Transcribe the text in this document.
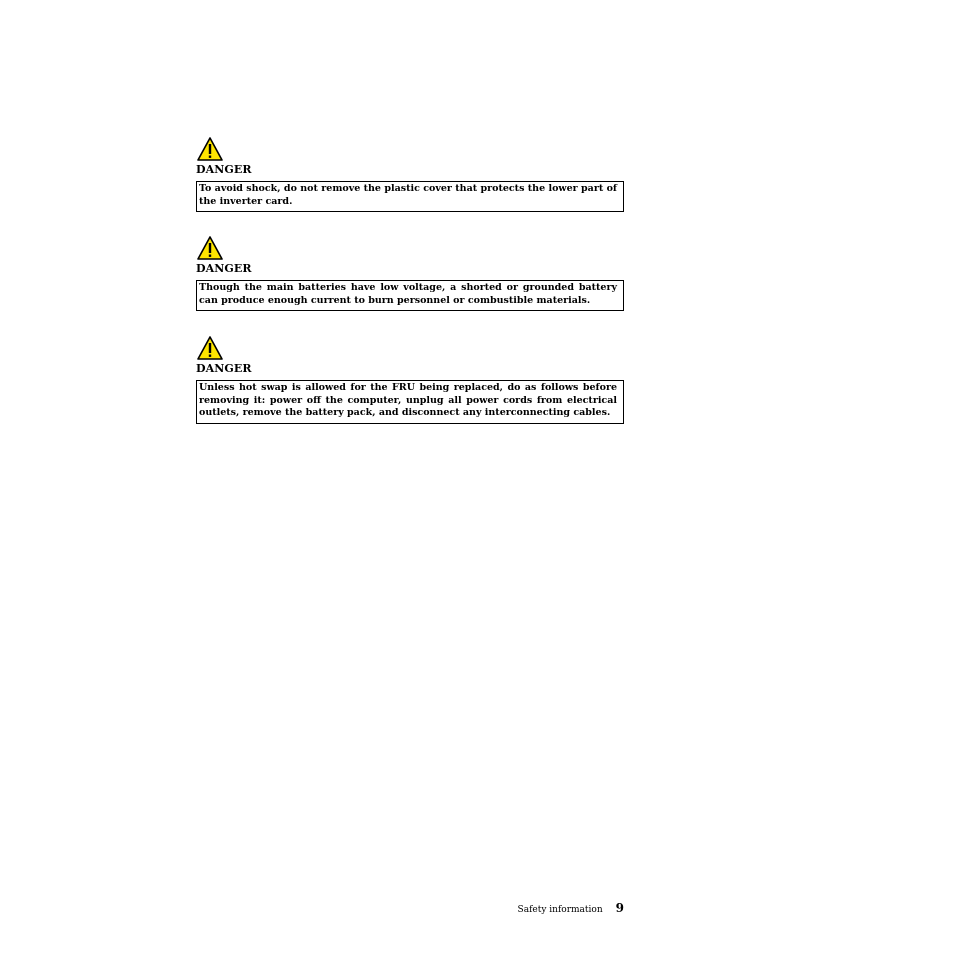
DANGER
To avoid shock, do not remove the plastic cover that protects the lower part of the inverter card.
DANGER
Though the main batteries have low voltage, a shorted or grounded battery can produce enough current to burn personnel or combustible materials.
DANGER
Unless hot swap is allowed for the FRU being replaced, do as follows before removing it: power off the computer, unplug all power cords from electrical outlets, remove the battery pack, and disconnect any interconnecting cables.
Safety information 9
